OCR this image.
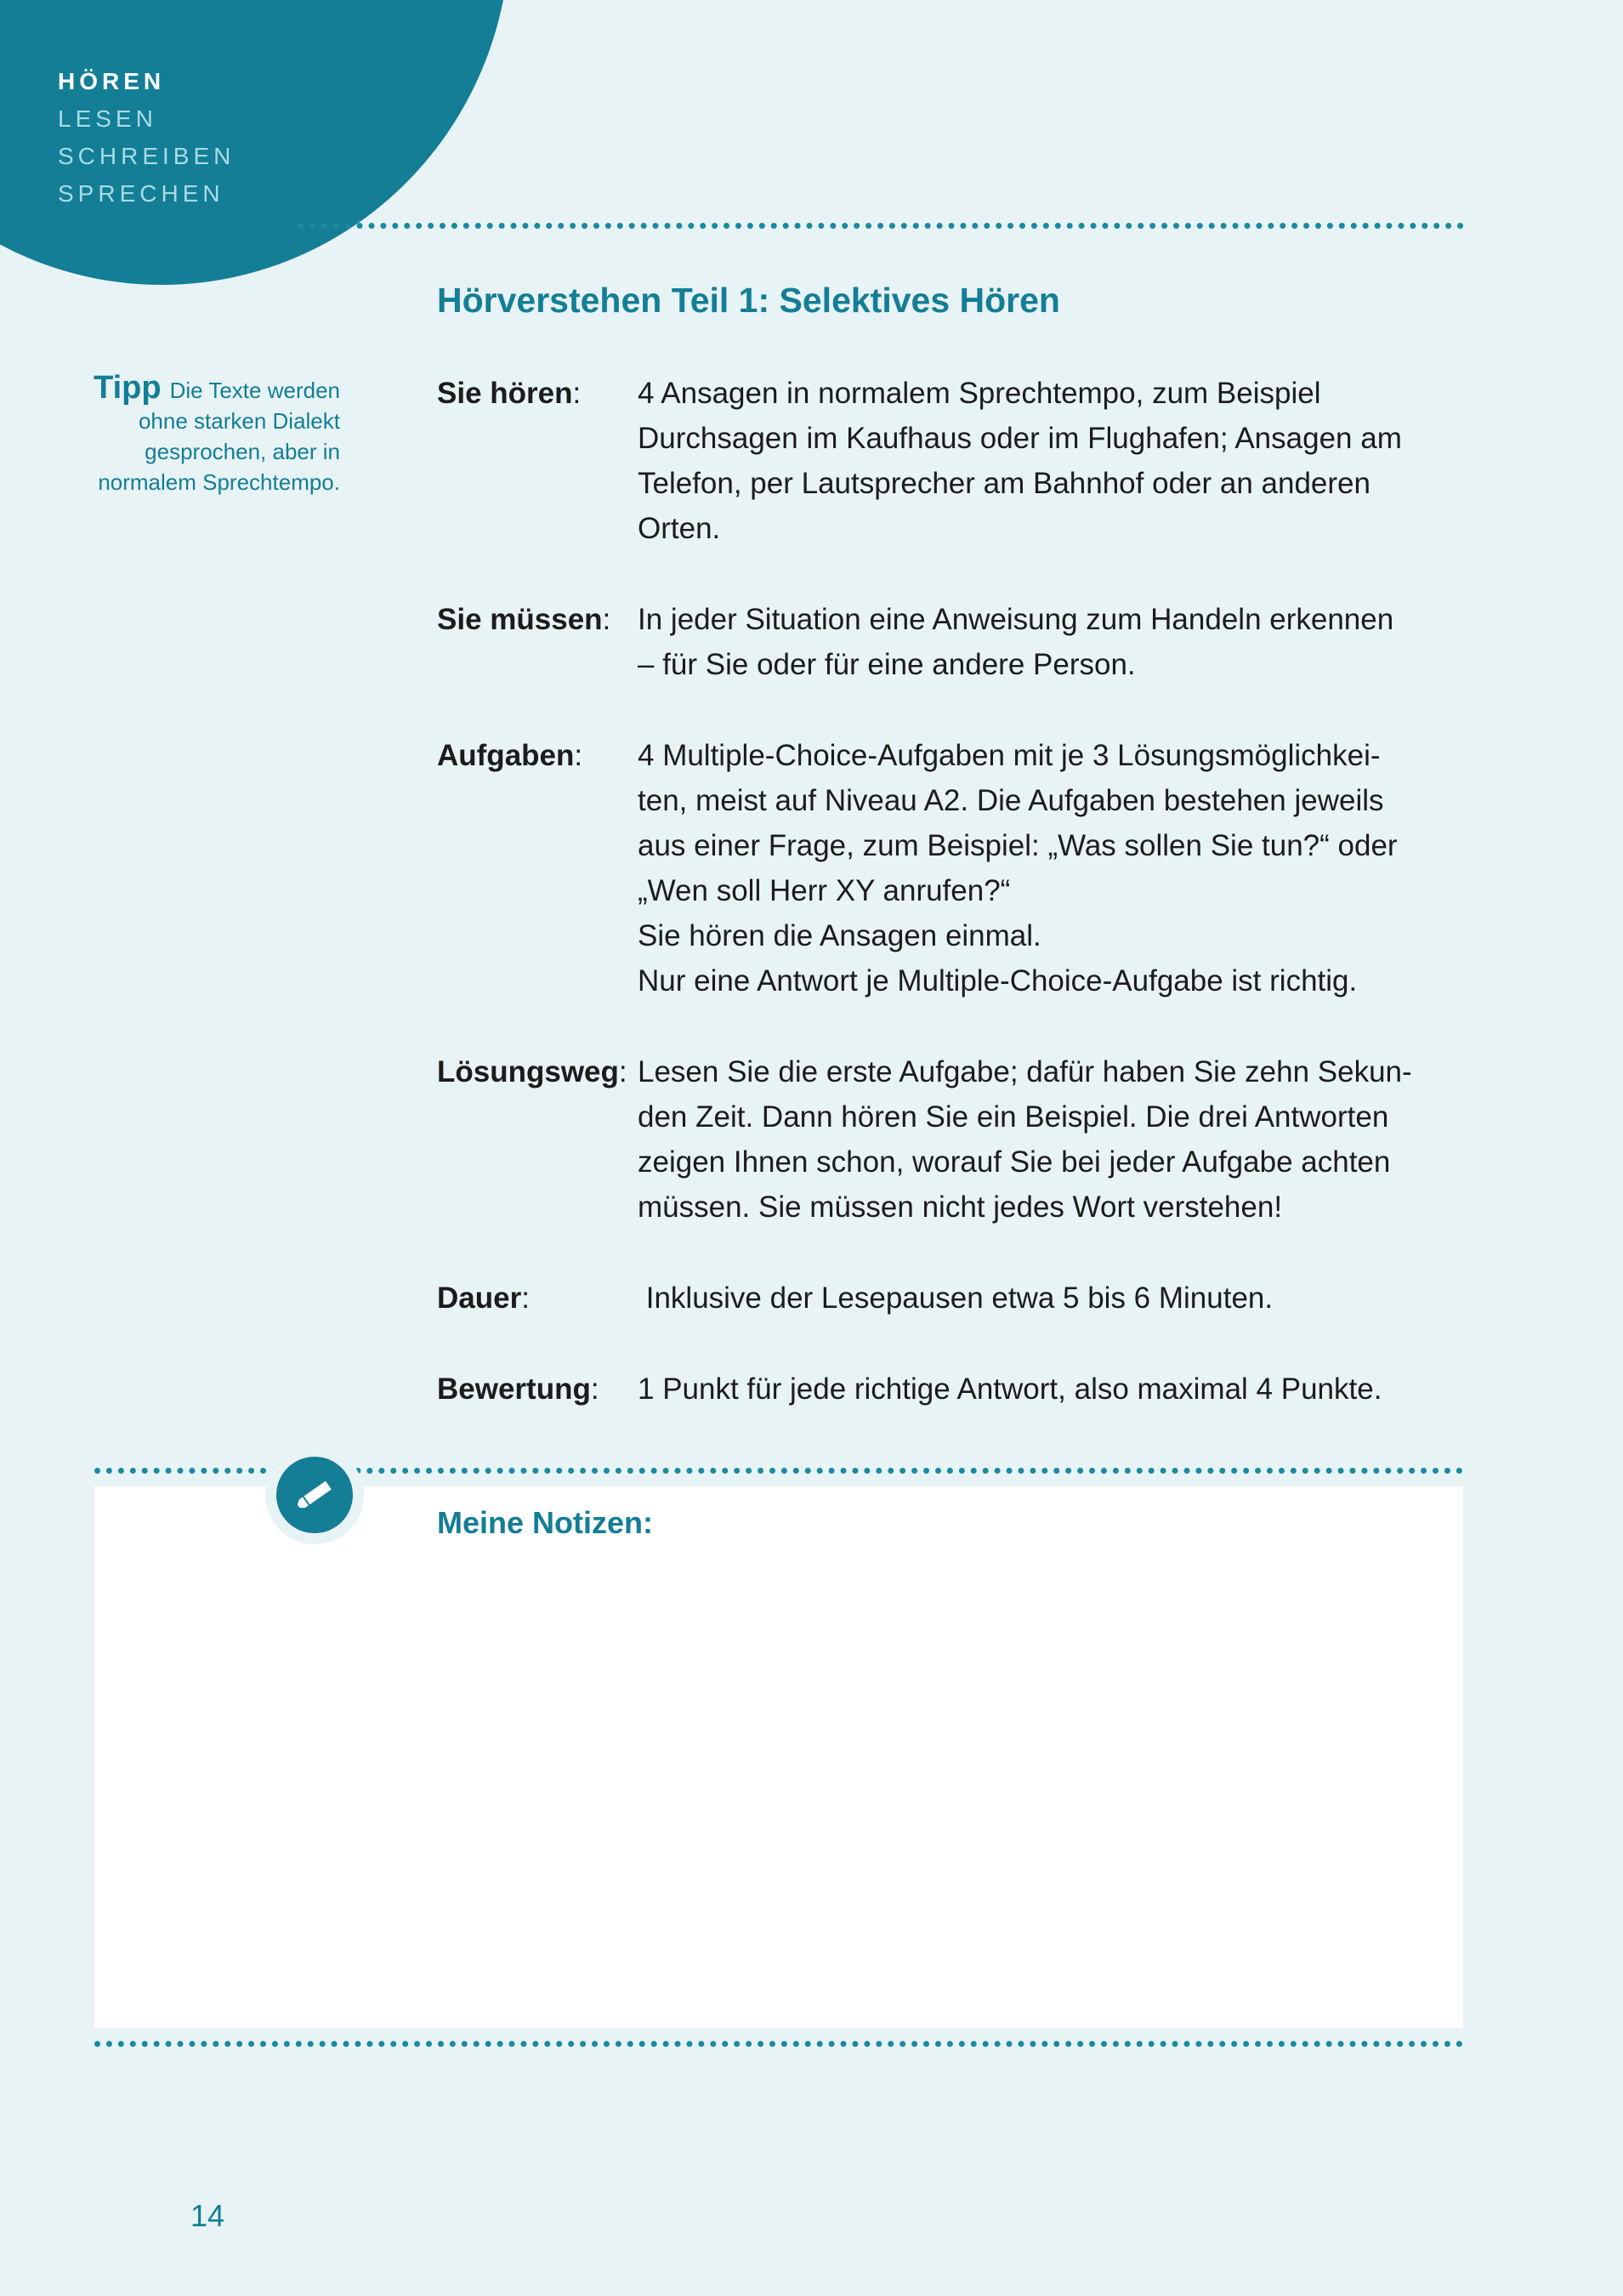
HÖREN
LESEN
SCHREIBEN
SPRECHEN
Hörverstehen Teil 1: Selektives Hören
Tipp Die Texte werden ohne starken Dialekt gesprochen, aber in normalem Sprechtempo.
Sie hören:	4 Ansagen in normalem Sprechtempo, zum Beispiel
Durchsagen im Kaufhaus oder im Flughafen; Ansagen am
Telefon, per Lautsprecher am Bahnhof oder an anderen
Orten.
Sie müssen: In jeder Situation eine Anweisung zum Handeln erkennen
– für Sie oder für eine andere Person.
Aufgaben:	4 Multiple-Choice-Aufgaben mit je 3 Lösungsmöglichkei-
ten, meist auf Niveau A2. Die Aufgaben bestehen jeweils
aus einer Frage, zum Beispiel: „Was sollen Sie tun?“ oder
„Wen soll Herr XY anrufen?“
Sie hören die Ansagen einmal.
Nur eine Antwort je Multiple-Choice-Aufgabe ist richtig.
Lösungsweg: Lesen Sie die erste Aufgabe; dafür haben Sie zehn Sekun-
den Zeit. Dann hören Sie ein Beispiel. Die drei Antworten
zeigen Ihnen schon, worauf Sie bei jeder Aufgabe achten
müssen. Sie müssen nicht jedes Wort verstehen!
Dauer:	Inklusive der Lesepausen etwa 5 bis 6 Minuten.
Bewertung:	1 Punkt für jede richtige Antwort, also maximal 4 Punkte.
Meine Notizen:
14
